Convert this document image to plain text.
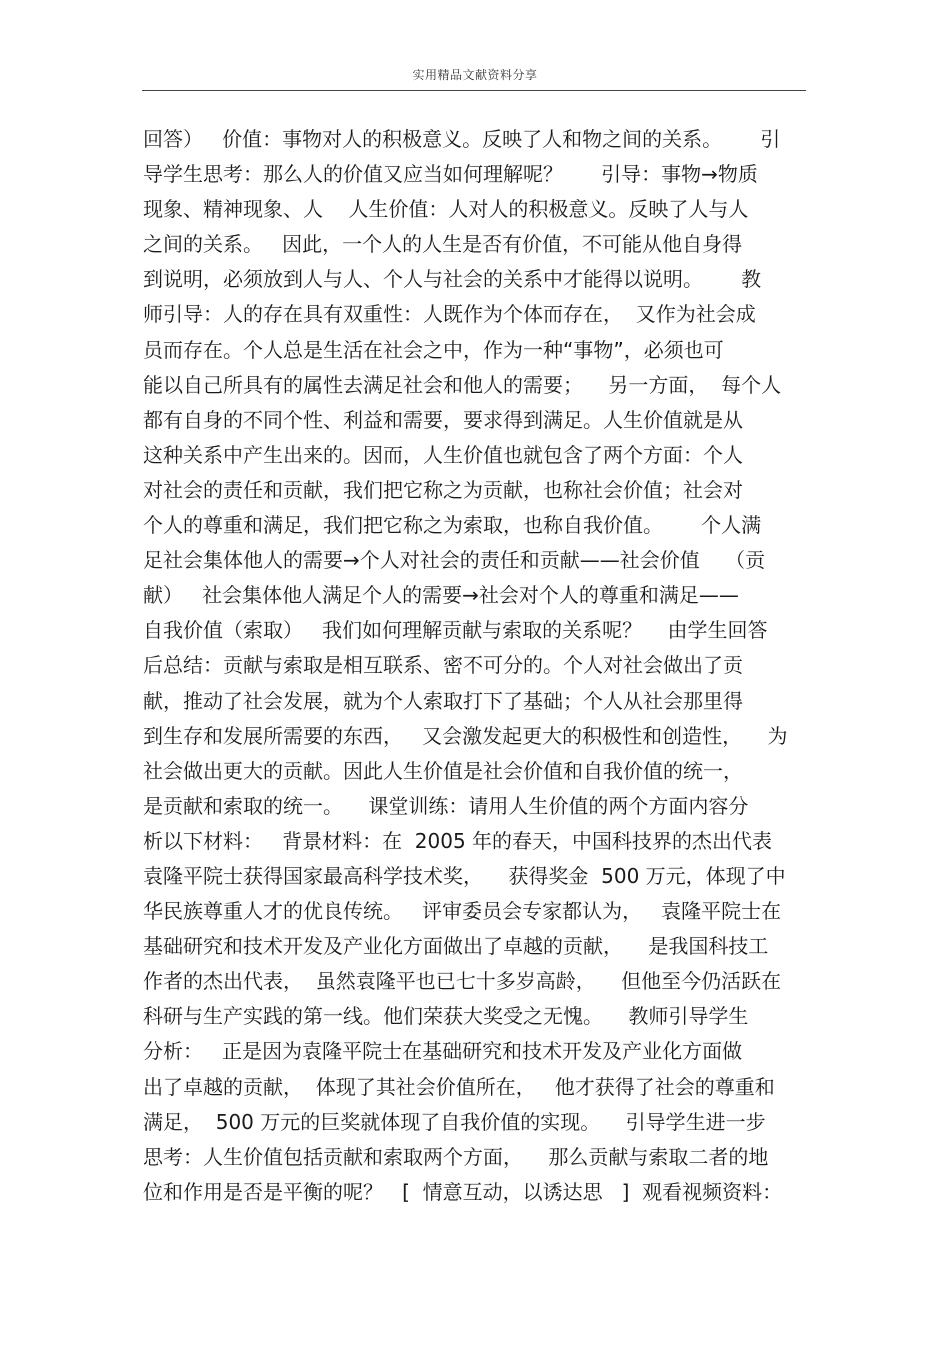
实用精品文献资料分享
回答）   价值：事物对人的积极意义。反映了人和物之间的关系。      引
导学生思考：那么人的价值又应当如何理解呢？      引导：事物→物质
现象、精神现象、人    人生价值：人对人的积极意义。反映了人与人
之间的关系。   因此，一个人的人生是否有价值，不可能从他自身得
到说明，必须放到人与人、个人与社会的关系中才能得以说明。      教
师引导：人的存在具有双重性：人既作为个体而存在，  又作为社会成
员而存在。个人总是生活在社会之中，作为一种“事物”，必须也可
能以自己所具有的属性去满足社会和他人的需要；    另一方面，  每个人
都有自身的不同个性、利益和需要，要求得到满足。人生价值就是从
这种关系中产生出来的。因而，人生价值也就包含了两个方面：个人
对社会的责任和贡献，我们把它称之为贡献，也称社会价值；社会对
个人的尊重和满足，我们把它称之为索取，也称自我价值。      个人满
足社会集体他人的需要→个人对社会的责任和贡献——社会价值    （贡
献）   社会集体他人满足个人的需要→社会对个人的尊重和满足——
自我价值（索取）   我们如何理解贡献与索取的关系呢？    由学生回答
后总结：贡献与索取是相互联系、密不可分的。个人对社会做出了贡
献，推动了社会发展，就为个人索取打下了基础；个人从社会那里得
到生存和发展所需要的东西，   又会激发起更大的积极性和创造性，    为
社会做出更大的贡献。因此人生价值是社会价值和自我价值的统一，
是贡献和索取的统一。    课堂训练：请用人生价值的两个方面内容分
析以下材料：   背景材料：在  2005 年的春天，中国科技界的杰出代表
袁隆平院士获得国家最高科学技术奖，    获得奖金  500 万元，体现了中
华民族尊重人才的优良传统。   评审委员会专家都认为，   袁隆平院士在
基础研究和技术开发及产业化方面做出了卓越的贡献，    是我国科技工
作者的杰出代表，  虽然袁隆平也已七十多岁高龄，    但他至今仍活跃在
科研与生产实践的第一线。他们荣获大奖受之无愧。    教师引导学生
分析：   正是因为袁隆平院士在基础研究和技术开发及产业化方面做
出了卓越的贡献，  体现了其社会价值所在，   他才获得了社会的尊重和
满足，  500 万元的巨奖就体现了自我价值的实现。    引导学生进一步
思考：人生价值包括贡献和索取两个方面，    那么贡献与索取二者的地
位和作用是否是平衡的呢？   [  情意互动，以诱达思   ]  观看视频资料：
